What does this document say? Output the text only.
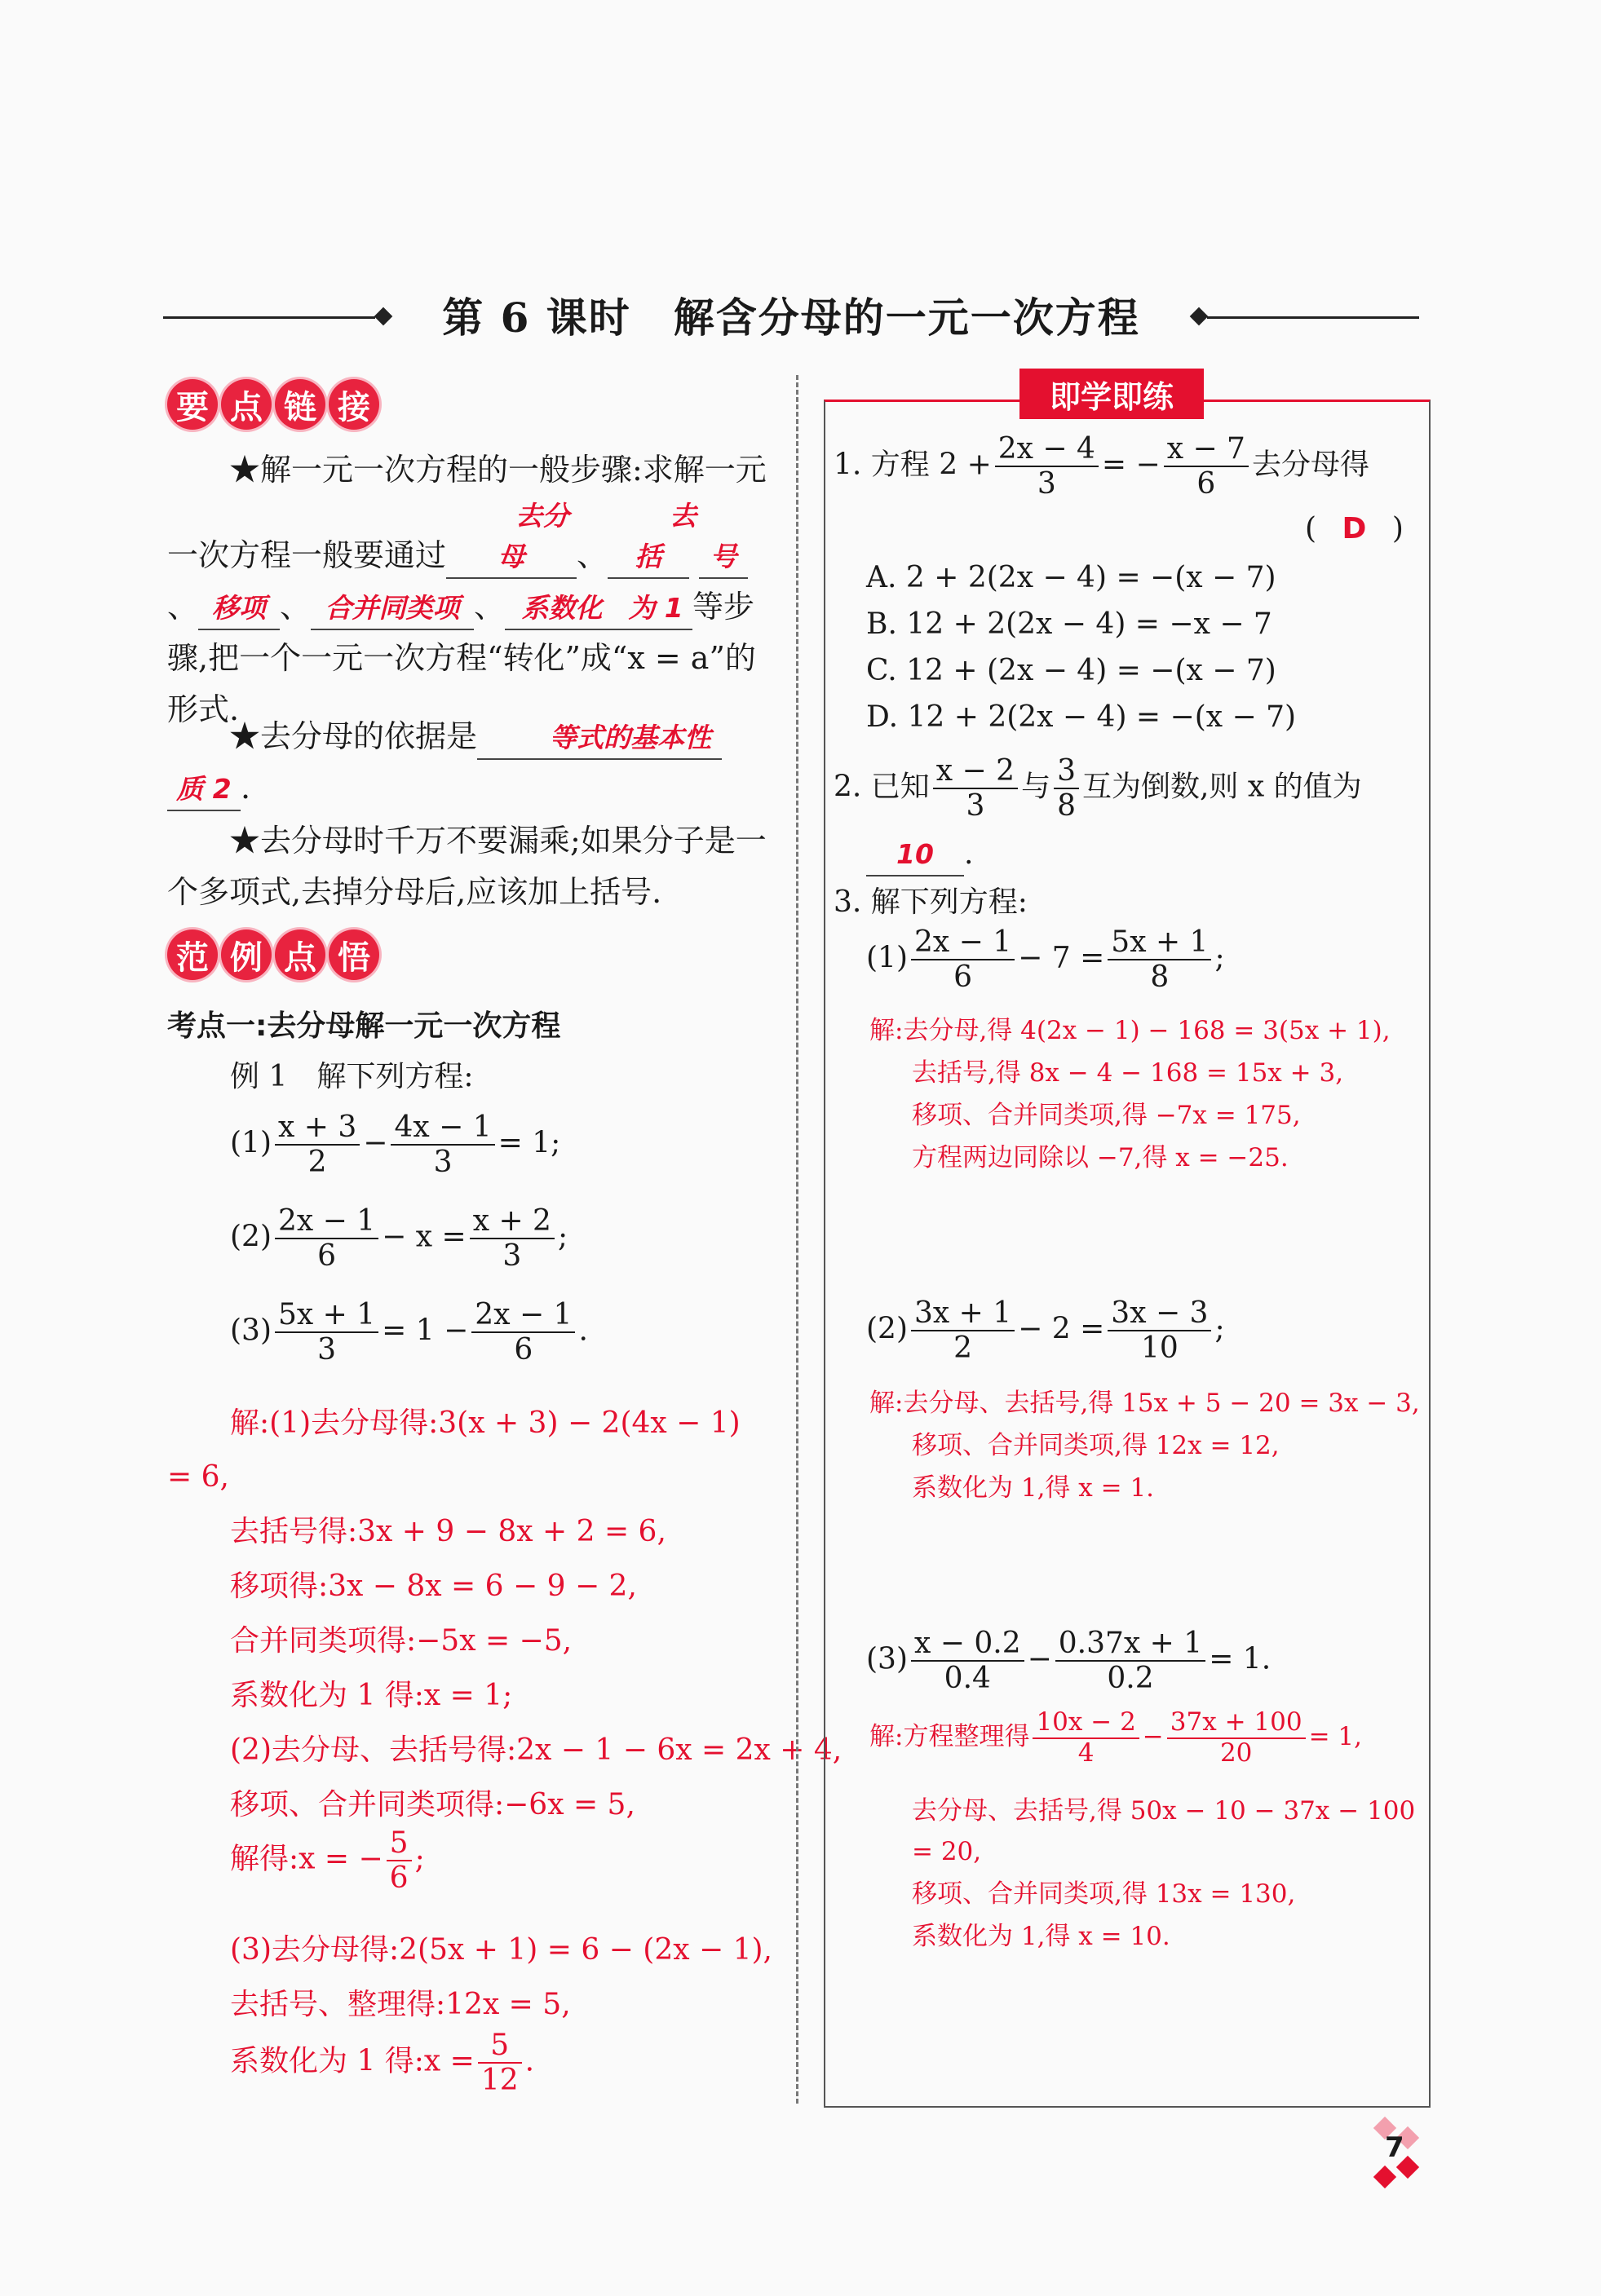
第 6 课时　解含分母的一元一次方程
要 点 链 接
★解一元一次方程的一般步骤:求解一元一次方程一般要通过去分母 、去括 号、 移项 、 合并同类项 、 系数化 为 1 等步骤,把一个一元一次方程“转化”成“x = a”的形式.
★去分母的依据是	等式的基本性质 2 .
★去分母时千万不要漏乘;如果分子是一个多项式,去掉分母后,应该加上括号.
范 例 点 悟
考点一:去分母解一元一次方程
例 1　解下列方程:
$(1) \frac{x + 3}{2} - \frac{4x - 1}{3} = 1$;
$(2) \frac{2x - 1}{6} - x = \frac{x + 2}{3}$ ;
$(3) \frac{5x + 1}{3} = 1 - \frac{2x - 1}{6}$ .
解:(1)去分母得:3(x + 3) − 2(4x − 1)
= 6,
去括号得:3x + 9 − 8x + 2 = 6,
移项得:3x − 8x = 6 − 9 − 2,
合并同类项得:−5x = −5,
系数化为 1 得:x = 1;
(2)去分母、去括号得:2x − 1 − 6x = 2x + 4,
移项、合并同类项得:−6x = 5,
解得:x = − $\frac{5}{6}$ ;
(3)去分母得:2(5x + 1) = 6 − (2x − 1),
去括号、整理得:12x = 5,
系数化为 1 得:x = $\frac{5}{12}$ .
即学即练
1. 方程 $2 + \frac{2x - 4}{3}$ = − $\frac{x - 7}{6}$ 去分母得
( D )
A. 2 + 2(2x − 4) = −(x − 7)
B. 12 + 2(2x − 4) = −x − 7
C. 12 + (2x − 4) = −(x − 7)
D. 12 + 2(2x − 4) = −(x − 7)
2. 已知 $\frac{x - 2}{3}$ 与 $\frac{3}{8}$ 互为倒数,则 x 的值为
10 .
3. 解下列方程:
$(1) \frac{2x - 1}{6} - 7 = \frac{5x + 1}{8}$ ;
解:去分母,得 4(2x − 1) − 168 = 3(5x + 1),
去括号,得 8x − 4 − 168 = 15x + 3,
移项、合并同类项,得 −7x = 175,
方程两边同除以 −7,得 x = −25.
$(2) \frac{3x + 1}{2} - 2 = \frac{3x - 3}{10}$ ;
解:去分母、去括号,得 15x + 5 − 20 = 3x − 3,
移项、合并同类项,得 12x = 12,
系数化为 1,得 x = 1.
$(3) \frac{x - 0.2}{0.4} - \frac{0.37x + 1}{0.2} = 1$.
解:方程整理得 $\frac{10x - 2}{4} - \frac{37x + 100}{20} = 1$,
去分母、去括号,得 50x − 10 − 37x − 100
= 20,
移项、合并同类项,得 13x = 130,
系数化为 1,得 x = 10.
7
